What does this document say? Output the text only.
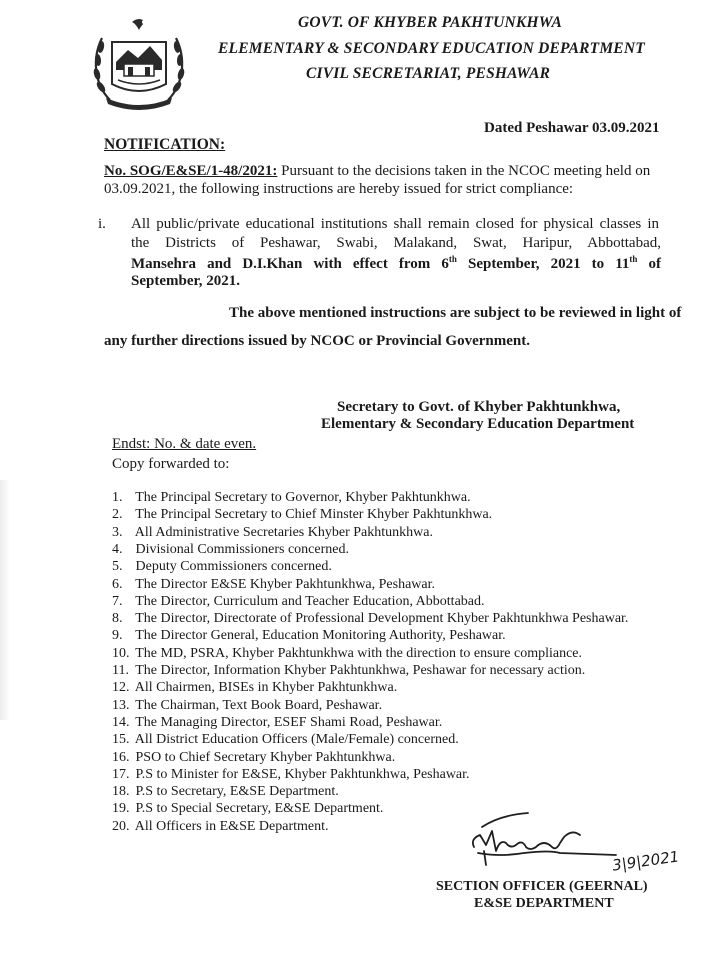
GOVT. OF KHYBER PAKHTUNKHWA
ELEMENTARY & SECONDARY EDUCATION DEPARTMENT
CIVIL SECRETARIAT, PESHAWAR
Dated Peshawar 03.09.2021
NOTIFICATION:
No. SOG/E&SE/1-48/2021: Pursuant to the decisions taken in the NCOC meeting held on
03.09.2021, the following instructions are hereby issued for strict compliance:
i. All public/private educational institutions shall remain closed for physical classes in
the Districts of Peshawar, Swabi, Malakand, Swat, Haripur, Abbottabad,
Mansehra and D.I.Khan with effect from 6th September, 2021 to 11th of
September, 2021.
The above mentioned instructions are subject to be reviewed in light of
any further directions issued by NCOC or Provincial Government.
Secretary to Govt. of Khyber Pakhtunkhwa,
Elementary & Secondary Education Department
Endst: No. & date even.
Copy forwarded to:
1. The Principal Secretary to Governor, Khyber Pakhtunkhwa.
2. The Principal Secretary to Chief Minster Khyber Pakhtunkhwa.
3. All Administrative Secretaries Khyber Pakhtunkhwa.
4. Divisional Commissioners concerned.
5. Deputy Commissioners concerned.
6. The Director E&SE Khyber Pakhtunkhwa, Peshawar.
7. The Director, Curriculum and Teacher Education, Abbottabad.
8. The Director, Directorate of Professional Development Khyber Pakhtunkhwa Peshawar.
9. The Director General, Education Monitoring Authority, Peshawar.
10. The MD, PSRA, Khyber Pakhtunkhwa with the direction to ensure compliance.
11. The Director, Information Khyber Pakhtunkhwa, Peshawar for necessary action.
12. All Chairmen, BISEs in Khyber Pakhtunkhwa.
13. The Chairman, Text Book Board, Peshawar.
14. The Managing Director, ESEF Shami Road, Peshawar.
15. All District Education Officers (Male/Female) concerned.
16. PSO to Chief Secretary Khyber Pakhtunkhwa.
17. P.S to Minister for E&SE, Khyber Pakhtunkhwa, Peshawar.
18. P.S to Secretary, E&SE Department.
19. P.S to Special Secretary, E&SE Department.
20. All Officers in E&SE Department.
3|9|2021
SECTION OFFICER (GEERNAL)
E&SE DEPARTMENT
